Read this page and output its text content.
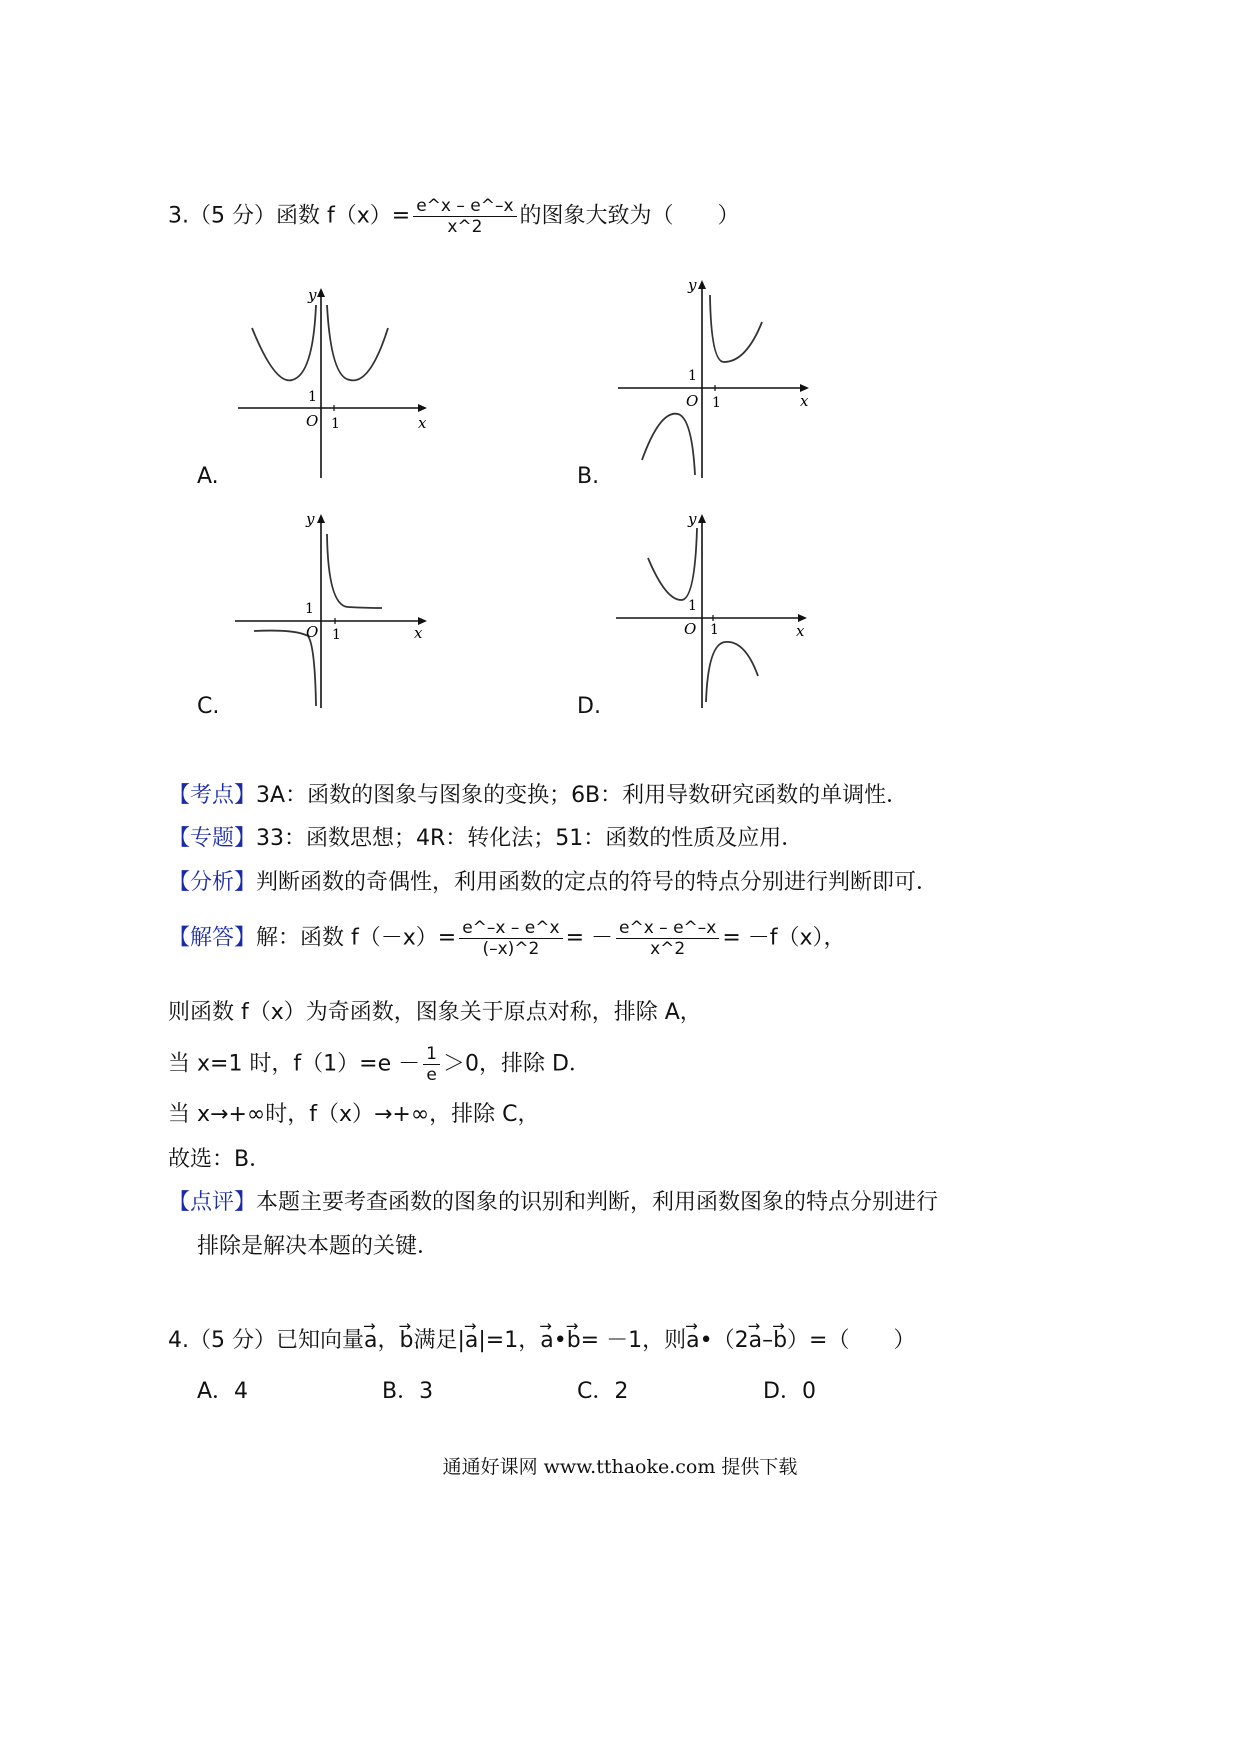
3.（5 分）函数 $f(x)= \frac{e\^{}x - e\^{}-x}{x\^{}2}$ 的图象大致为（　　）
y
x
O 1
1
A.
y
x
O 1
1
B.
y
x
O 1
1
C.
y
x
O 1
1
D.
【考点】3A：函数的图象与图象的变换；6B：利用导数研究函数的单调性．
【专题】33：函数思想；4R：转化法；51：函数的性质及应用．
【分析】判断函数的奇偶性，利用函数的定点的符号的特点分别进行判断即可．
【解答】解：函数 $f(-x)= \frac{e\^{}-x - e\^{}x}{(-x)\^{}2}$ = － $\frac{e\^{}x - e\^{}-x}{x\^{}2} = -f(x)$，
则函数 f（x）为奇函数，图象关于原点对称，排除 A，
当 x=1 时，$f(1)=e - \frac{1}{e} >0$，排除 D．
当 x→+∞时，f（x）→+∞，排除 C，
故选：B．
【点评】本题主要考查函数的图象的识别和判断，利用函数图象的特点分别进行
排除是解决本题的关键．
4.（5 分）已知向量→ a，→ b满足|→ a|=1，→ a•→ b= －1，则→ a•（2→ a–→ b）=（　　）
A．4	B．3	C．2	D．0
通通好课网 www.tthaoke.com 提供下载
